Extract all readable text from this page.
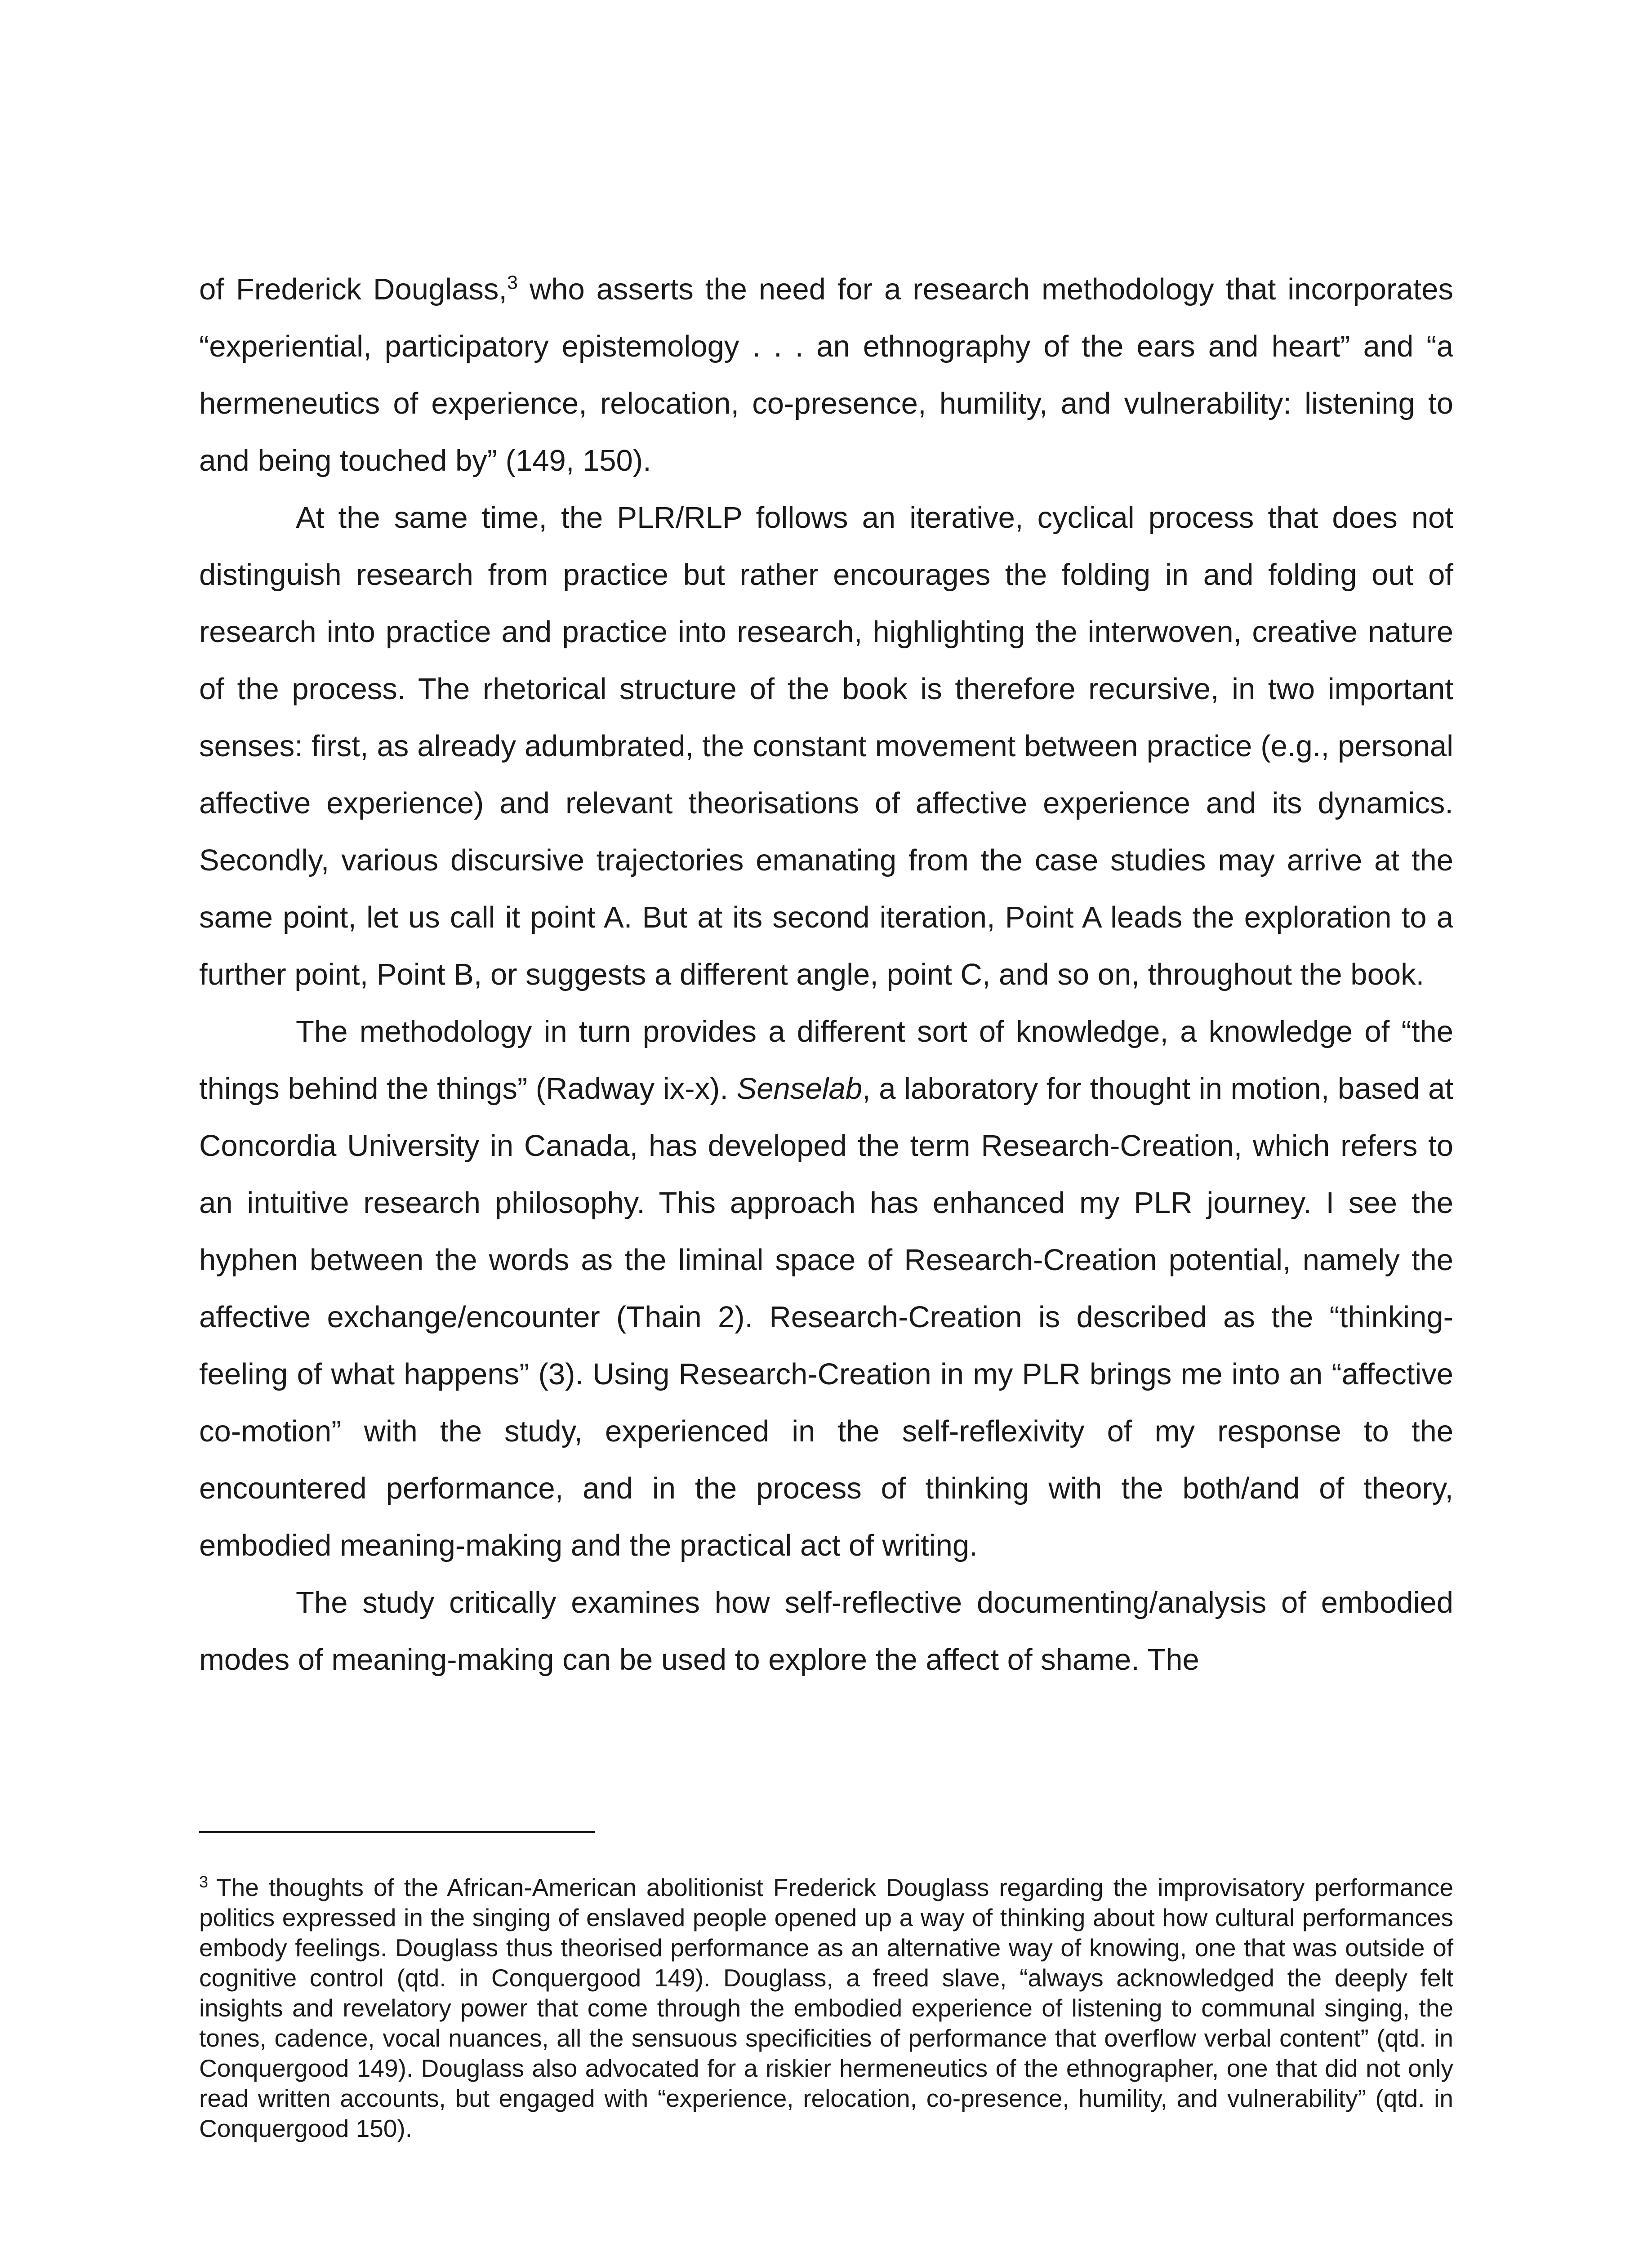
of Frederick Douglass,$^3$ who asserts the need for a research methodology that incorporates “experiential, participatory epistemology . . . an ethnography of the ears and heart” and “a hermeneutics of experience, relocation, co-presence, humility, and vulnerability: listening to and being touched by” (149, 150).

At the same time, the PLR/RLP follows an iterative, cyclical process that does not distinguish research from practice but rather encourages the folding in and folding out of research into practice and practice into research, highlighting the interwoven, creative nature of the process. The rhetorical structure of the book is therefore recursive, in two important senses: first, as already adumbrated, the constant movement between practice (e.g., personal affective experience) and relevant theorisations of affective experience and its dynamics. Secondly, various discursive trajectories emanating from the case studies may arrive at the same point, let us call it point A. But at its second iteration, Point A leads the exploration to a further point, Point B, or suggests a different angle, point C, and so on, throughout the book.

The methodology in turn provides a different sort of knowledge, a knowledge of “the things behind the things” (Radway ix-x). Senselab, a laboratory for thought in motion, based at Concordia University in Canada, has developed the term Research-Creation, which refers to an intuitive research philosophy. This approach has enhanced my PLR journey. I see the hyphen between the words as the liminal space of Research-Creation potential, namely the affective exchange/encounter (Thain 2). Research-Creation is described as the “thinking-feeling of what happens” (3). Using Research-Creation in my PLR brings me into an “affective co-motion” with the study, experienced in the self-reflexivity of my response to the encountered performance, and in the process of thinking with the both/and of theory, embodied meaning-making and the practical act of writing.

The study critically examines how self-reflective documenting/analysis of embodied modes of meaning-making can be used to explore the affect of shame. The

$^3$ The thoughts of the African-American abolitionist Frederick Douglass regarding the improvisatory performance politics expressed in the singing of enslaved people opened up a way of thinking about how cultural performances embody feelings. Douglass thus theorised performance as an alternative way of knowing, one that was outside of cognitive control (qtd. in Conquergood 149). Douglass, a freed slave, “always acknowledged the deeply felt insights and revelatory power that come through the embodied experience of listening to communal singing, the tones, cadence, vocal nuances, all the sensuous specificities of performance that overflow verbal content” (qtd. in Conquergood 149). Douglass also advocated for a riskier hermeneutics of the ethnographer, one that did not only read written accounts, but engaged with “experience, relocation, co-presence, humility, and vulnerability” (qtd. in Conquergood 150).
